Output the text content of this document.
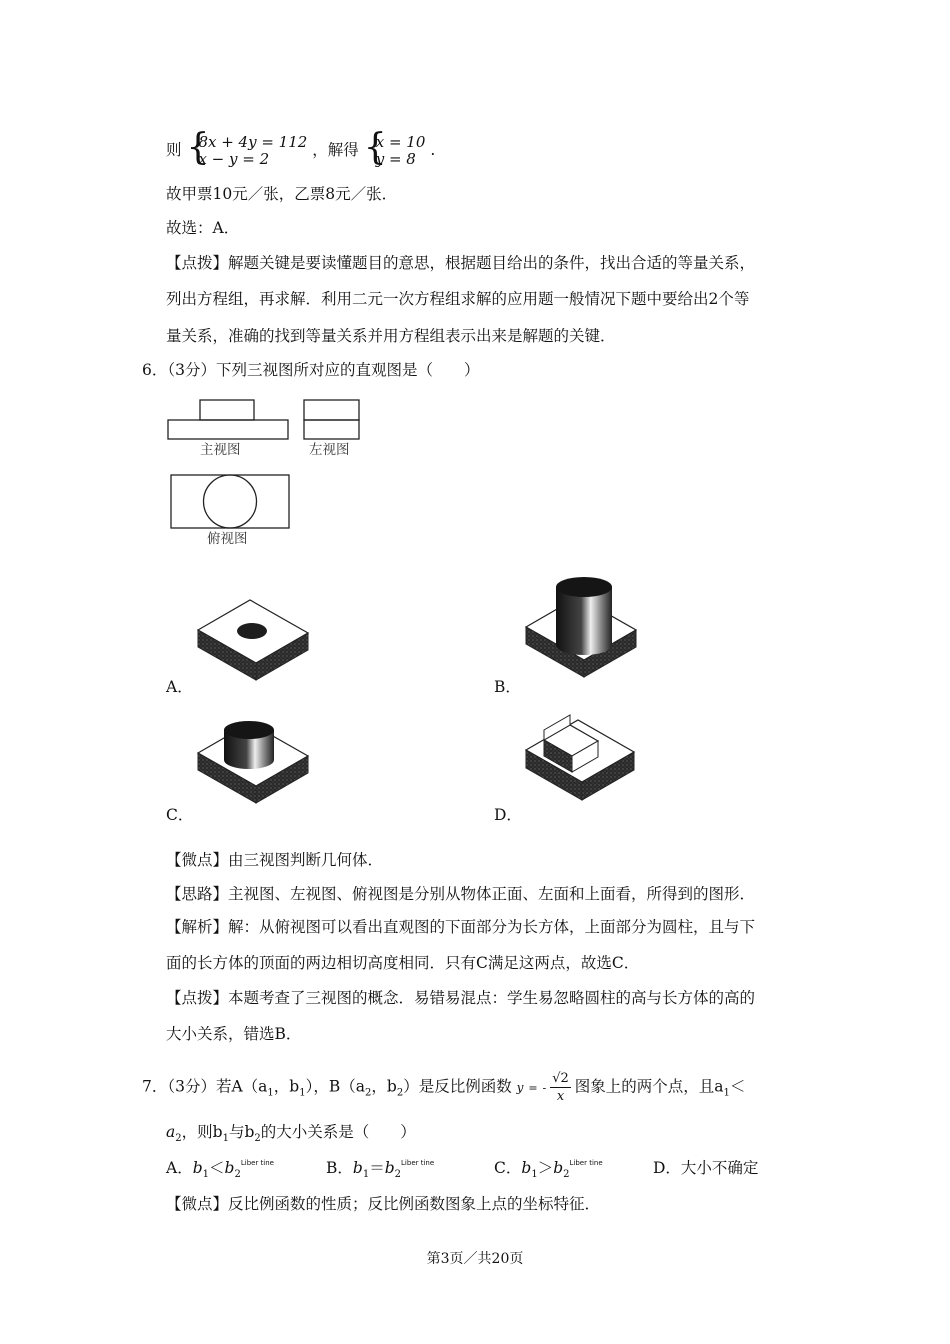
则 {
8x + 4y = 112
x − y = 2	，解得 {
x = 10
y = 8 .
故甲票10元／张，乙票8元／张．
故选：A．
【点拨】解题关键是要读懂题目的意思，根据题目给出的条件，找出合适的等量关系，
列出方程组，再求解．利用二元一次方程组求解的应用题一般情况下题中要给出2个等
量关系，准确的找到等量关系并用方程组表示出来是解题的关键．
6．（3分）下列三视图所对应的直观图是（　　）
主视图	左视图
俯视图
A．	B．
C．	D．
【微点】由三视图判断几何体．
【思路】主视图、左视图、俯视图是分别从物体正面、左面和上面看，所得到的图形．
【解析】解：从俯视图可以看出直观图的下面部分为长方体，上面部分为圆柱，且与下
面的长方体的顶面的两边相切高度相同．只有C满足这两点，故选C．
【点拨】本题考查了三视图的概念．易错易混点：学生易忽略圆柱的高与长方体的高的
大小关系，错选B．
7．（3分）若$A(a_1$，$b_1$），$B(a_2$，$b_2$）是反比例函数 y = - $\frac{√2}{x}$ 图象上的两个点，且$a_1<$
$a_2$，则$b_1$与$b_2$的大小关系是（　　）
A．$b_1<b_2^{Liber tine}$	B．$b_1=b_2^{Liber tine}$	C．$b_1>b_2^{Liber tine}$	D．大小不确定
【微点】反比例函数的性质；反比例函数图象上点的坐标特征．
第3页／共20页
